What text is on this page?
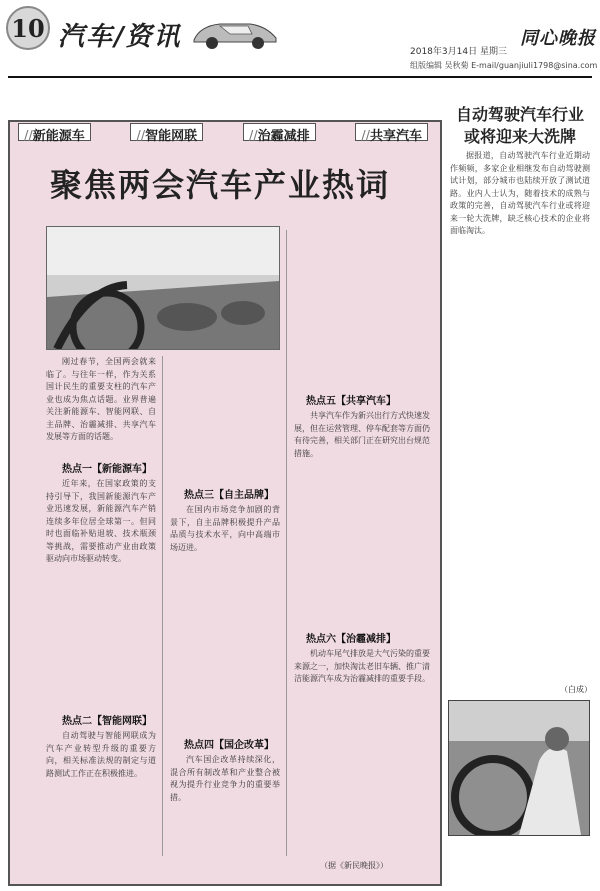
10 汽车/资讯	同心晚报
2018年3月14日 星期三
组版编辑 吴秋菊 E-mail/guanjiuli1798@sina.com
//新能源车	//智能网联	//治霾减排	//共享汽车
聚焦两会汽车产业热词

刚过春节，全国两会就来临了。与往年一样，作为关系国计民生的重要支柱的汽车产业也成为焦点话题。业界普遍关注新能源车、智能网联、自主品牌、治霾减排、共享汽车发展等方面的话题。

热点一【新能源车】

近年来，在国家政策的支持引导下，我国新能源汽车产业迅速发展，新能源汽车产销连续多年位居全球第一。但同时也面临补贴退坡、技术瓶颈等挑战，需要推动产业由政策驱动向市场驱动转变。

热点二【智能网联】

自动驾驶与智能网联成为汽车产业转型升级的重要方向，相关标准法规的制定与道路测试工作正在积极推进。

热点三【自主品牌】

在国内市场竞争加剧的背景下，自主品牌积极提升产品品质与技术水平，向中高端市场迈进。

热点四【国企改革】

汽车国企改革持续深化，混合所有制改革和产业整合被视为提升行业竞争力的重要举措。

热点五【共享汽车】

共享汽车作为新兴出行方式快速发展，但在运营管理、停车配套等方面仍有待完善，相关部门正在研究出台规范措施。

热点六【治霾减排】

机动车尾气排放是大气污染的重要来源之一，加快淘汰老旧车辆、推广清洁能源汽车成为治霾减排的重要手段。

（据《新民晚报》）
自动驾驶汽车行业
或将迎来大洗牌

据报道，自动驾驶汽车行业近期动作频频，多家企业相继发布自动驾驶测试计划，部分城市也陆续开放了测试道路。业内人士认为，随着技术的成熟与政策的完善，自动驾驶汽车行业或将迎来一轮大洗牌，缺乏核心技术的企业将面临淘汰。

（白成）
